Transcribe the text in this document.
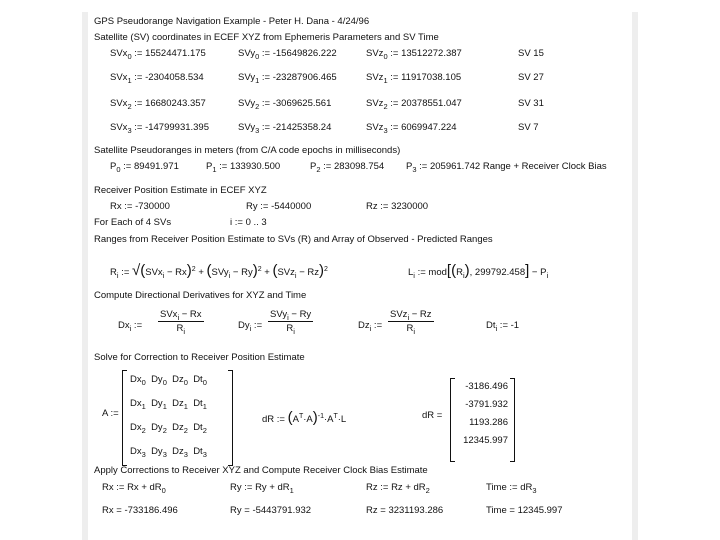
GPS Pseudorange Navigation Example - Peter H. Dana - 4/24/96
Satellite (SV) coordinates in ECEF XYZ from Ephemeris Parameters and SV Time
SVx$_0$ := 15524471.175	SVy$_0$ := -15649826.222	SVz$_0$ := 13512272.387	SV 15
SVx$_1$ := -2304058.534	SVy$_1$ := -23287906.465	SVz$_1$ := 11917038.105	SV 27
SVx$_2$ := 16680243.357	SVy$_2$ := -3069625.561	SVz$_2$ := 20378551.047	SV 31
SVx$_3$ := -14799931.395	SVy$_3$ := -21425358.24	SVz$_3$ := 6069947.224	SV 7
Satellite Pseudoranges in meters (from C/A code epochs in milliseconds)
$P_0$ := 89491.971	$P_1$ := 133930.500	$P_2$ := 283098.754 $P_3$ := 205961.742 Range + Receiver Clock Bias
Receiver Position Estimate in ECEF XYZ
Rx := -730000	Ry := -5440000	Rz := 3230000
For Each of 4 SVs	i := 0 .. 3
Ranges from Receiver Position Estimate to SVs (R) and Array of Observed - Predicted Ranges
$R_i$ := $√(SVx_i - Rx)^2 + (SVy_i - Ry)^2 + (SVz_i - Rz)^2$	$L_i$ := $mod[(R_i)$, $299792.458] - P_i$
Compute Directional Derivatives for XYZ and Time
$Dx_i$ :=
SVx$_i$ − Rx
$R_i$
$Dy_i$ :=
SVy$_i$ − Ry
$R_i$
$Dz_i$ :=
SVz$_i$ − Rz
$R_i$
$Dt_i$ := -1
Solve for Correction to Receiver Position Estimate
A :=
$Dx_0$  $Dy_0$  $Dz_0$  $Dt_0$
$Dx_1$  $Dy_1$  $Dz_1$  $Dt_1$
$Dx_2$  $Dy_2$  $Dz_2$  $Dt_2$
$Dx_3$  $Dy_3$  $Dz_3$  $Dt_3$
dR := $(A^T\cdot A)^{-1}\cdot A^T\cdot L$	dR =
-3186.496
-3791.932
1193.286
12345.997
Apply Corrections to Receiver XYZ and Compute Receiver Clock Bias Estimate
Rx := $Rx + dR_0$	Ry := $Ry + dR_1$	Rz := $Rz + dR_2$	Time := $dR_3$
Rx = -733186.496	Ry = -5443791.932	Rz = 3231193.286	Time = 12345.997
